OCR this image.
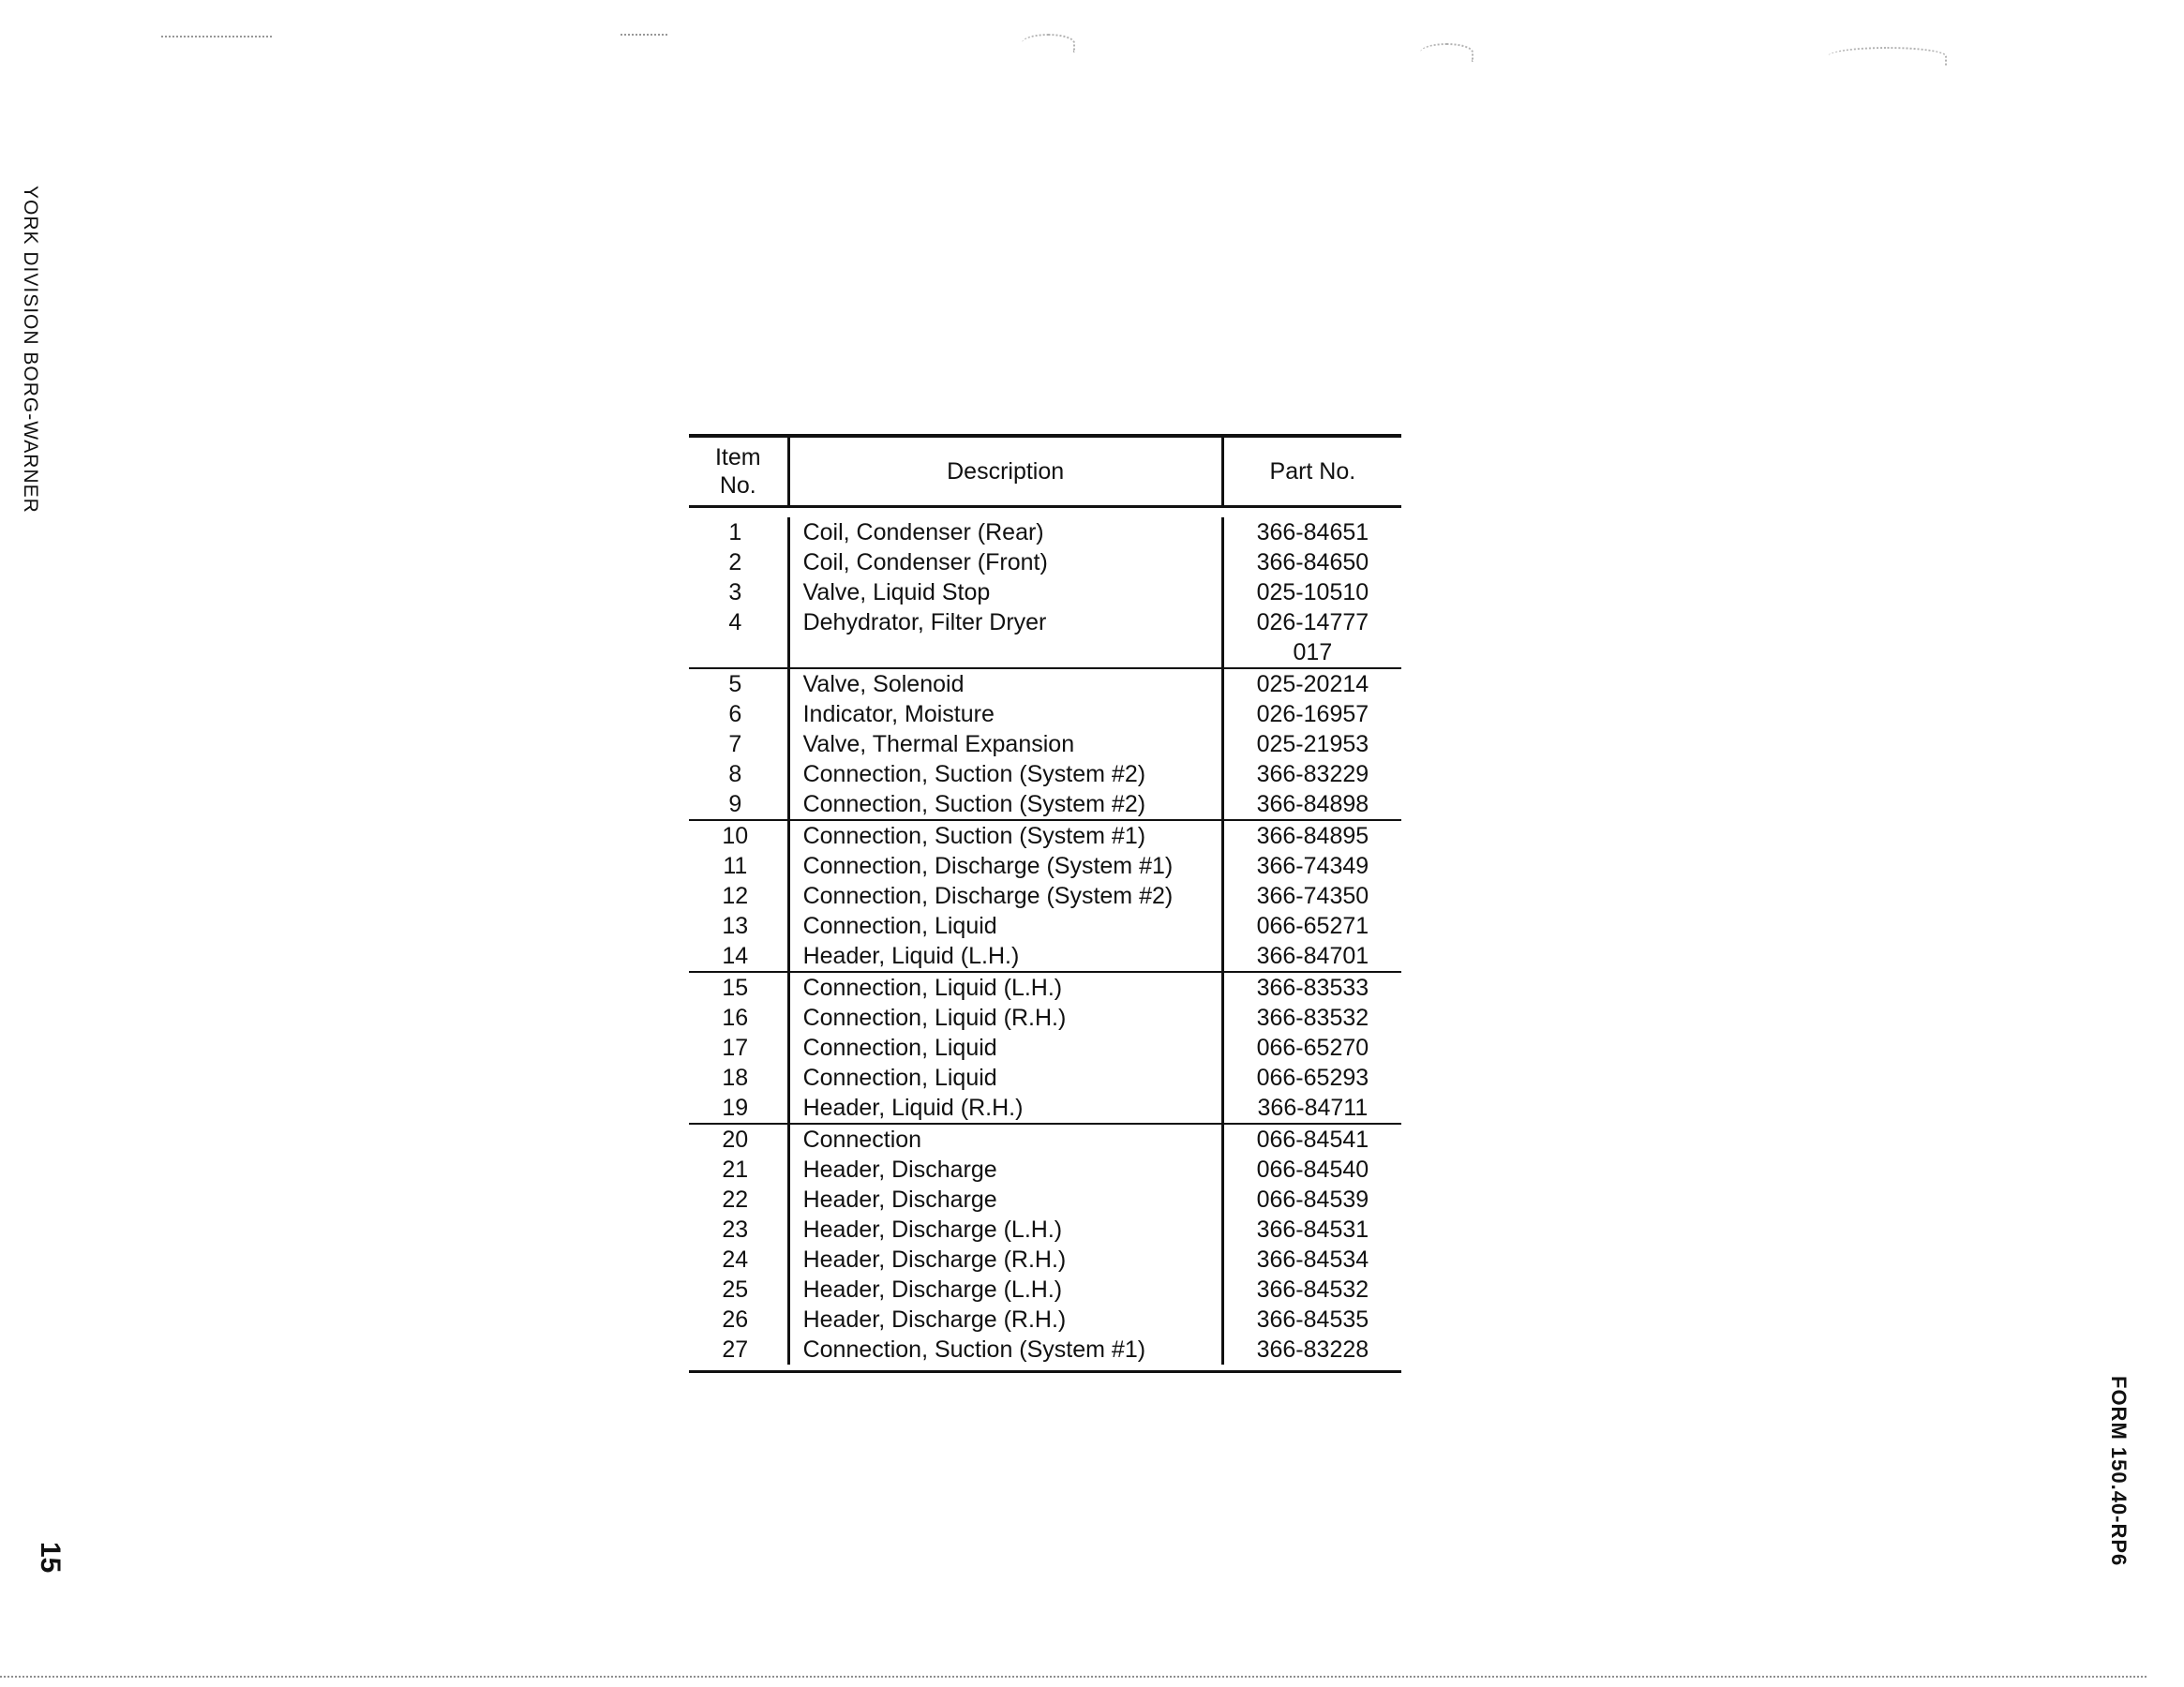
YORK DIVISION BORG-WARNER
FORM 150.40-RP6
15
Item
No.
Description	Part No.
1	Coil, Condenser (Rear)	366-84651
2	Coil, Condenser (Front)	366-84650
3	Valve, Liquid Stop	025-10510
4	Dehydrator, Filter Dryer	026-14777
017
5	Valve, Solenoid	025-20214
6	Indicator, Moisture	026-16957
7	Valve, Thermal Expansion	025-21953
8	Connection, Suction (System #2)	366-83229
9	Connection, Suction (System #2)	366-84898
10	Connection, Suction (System #1)	366-84895
11	Connection, Discharge (System #1)	366-74349
12	Connection, Discharge (System #2)	366-74350
13	Connection, Liquid	066-65271
14	Header, Liquid (L.H.)	366-84701
15	Connection, Liquid (L.H.)	366-83533
16	Connection, Liquid (R.H.)	366-83532
17	Connection, Liquid	066-65270
18	Connection, Liquid	066-65293
19	Header, Liquid (R.H.)	366-84711
20	Connection	066-84541
21	Header, Discharge	066-84540
22	Header, Discharge	066-84539
23	Header, Discharge (L.H.)	366-84531
24	Header, Discharge (R.H.)	366-84534
25	Header, Discharge (L.H.)	366-84532
26	Header, Discharge (R.H.)	366-84535
27	Connection, Suction (System #1)	366-83228
